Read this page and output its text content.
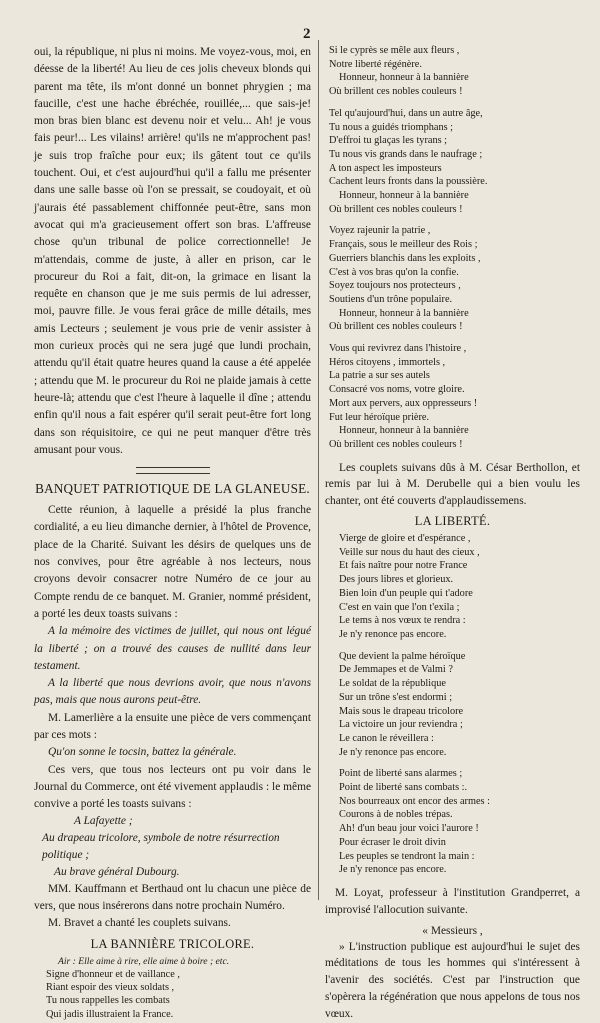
2

oui, la république, ni plus ni moins. Me voyez-vous, moi, en déesse de la liberté! Au lieu de ces jolis cheveux blonds qui parent ma tête, ils m'ont donné un bonnet phrygien ; ma faucille, c'est une hache ébréchée, rouillée,... que sais-je! mon bras bien blanc est devenu noir et velu... Ah! je vous fais peur!... Les vilains! arrière! qu'ils ne m'approchent pas! je suis trop fraîche pour eux; ils gâtent tout ce qu'ils touchent. Oui, et c'est aujourd'hui qu'il a fallu me présenter dans une salle basse où l'on se pressait, se coudoyait, et où j'aurais été passablement chiffonnée peut-être, sans mon avocat qui m'a gracieusement offert son bras. L'affreuse chose qu'un tribunal de police correctionnelle! Je m'attendais, comme de juste, à aller en prison, car le procureur du Roi a fait, dit-on, la grimace en lisant la requête en chanson que je me suis permis de lui adresser, moi, pauvre fille. Je vous ferai grâce de mille détails, mes amis Lecteurs ; seulement je vous prie de venir assister à mon curieux procès qui ne sera jugé que lundi prochain, attendu qu'il était quatre heures quand la cause a été appelée ; attendu que M. le procureur du Roi ne plaide jamais à cette heure-là; attendu que c'est l'heure à laquelle il dîne ; attendu enfin qu'il nous a fait espérer qu'il serait peut-être fort long dans son réquisitoire, ce qui ne peut manquer d'être très amusant pour vous.

BANQUET PATRIOTIQUE DE LA GLANEUSE.

Cette réunion, à laquelle a présidé la plus franche cordialité, a eu lieu dimanche dernier, à l'hôtel de Provence, place de la Charité. Suivant les désirs de quelques uns de nos convives, pour être agréable à nos lecteurs, nous croyons devoir consacrer notre Numéro de ce jour au Compte rendu de ce banquet. M. Granier, nommé président, a porté les deux toasts suivans :

A la mémoire des victimes de juillet, qui nous ont légué la liberté ; on a trouvé des causes de nullité dans leur testament.

A la liberté que nous devrions avoir, que nous n'avons pas, mais que nous aurons peut-être.

M. Lamerlière a la ensuite une pièce de vers commençant par ces mots :

Qu'on sonne le tocsin, battez la générale.

Ces vers, que tous nos lecteurs ont pu voir dans le Journal du Commerce, ont été vivement applaudis : le même convive a porté les toasts suivans :

A Lafayette ;

Au drapeau tricolore, symbole de notre résurrection politique ;

Au brave général Dubourg.

MM. Kauffmann et Berthaud ont lu chacun une pièce de vers, que nous insérerons dans notre prochain Numéro.

M. Bravet a chanté les couplets suivans.

LA BANNIÈRE TRICOLORE.

Air : Elle aime à rire, elle aime à boire ; etc.

Signe d'honneur et de vaillance ,

Riant espoir des vieux soldats ,

Tu nous rappelles les combats

Qui jadis illustraient la France.

Si le cyprès se mêle aux fleurs ,

Notre liberté régénère.

Honneur, honneur à la bannière

Où brillent ces nobles couleurs !

Tel qu'aujourd'hui, dans un autre âge,

Tu nous a guidés triomphans ;

D'effroi tu glaças les tyrans ;

Tu nous vis grands dans le naufrage ;

A ton aspect les imposteurs

Cachent leurs fronts dans la poussière.

Honneur, honneur à la bannière

Où brillent ces nobles couleurs !

Voyez rajeunir la patrie ,

Français, sous le meilleur des Rois ;

Guerriers blanchis dans les exploits ,

C'est à vos bras qu'on la confie.

Soyez toujours nos protecteurs ,

Soutiens d'un trône populaire.

Honneur, honneur à la bannière

Où brillent ces nobles couleurs !

Vous qui revivrez dans l'histoire ,

Héros citoyens , immortels ,

La patrie a sur ses autels

Consacré vos noms, votre gloire.

Mort aux pervers, aux oppresseurs !

Fut leur héroïque prière.

Honneur, honneur à la bannière

Où brillent ces nobles couleurs !

Les couplets suivans dûs à M. César Berthollon, et remis par lui à M. Derubelle qui a bien voulu les chanter, ont été couverts d'applaudissemens.

LA LIBERTÉ.

Vierge de gloire et d'espérance ,

Veille sur nous du haut des cieux ,

Et fais naître pour notre France

Des jours libres et glorieux.

Bien loin d'un peuple qui t'adore

C'est en vain que l'on t'exila ;

Le tems à nos vœux te rendra :

Je n'y renonce pas encore.

Que devient la palme héroïque

De Jemmapes et de Valmi ?

Le soldat de la république

Sur un trône s'est endormi ;

Mais sous le drapeau tricolore

La victoire un jour reviendra ;

Le canon le réveillera :

Je n'y renonce pas encore.

Point de liberté sans alarmes ;

Point de liberté sans combats :.

Nos bourreaux ont encor des armes :

Courons à de nobles trépas.

Ah! d'un beau jour voici l'aurore !

Pour écraser le droit divin

Les peuples se tendront la main :

Je n'y renonce pas encore.

M. Loyat, professeur à l'institution Grandperret, a improvisé l'allocution suivante.

« Messieurs ,

» L'instruction publique est aujourd'hui le sujet des méditations de tous les hommes qui s'intéressent à l'avenir des sociétés. C'est par l'instruction que s'opèrera la régénération que nous appelons de tous nos vœux.
